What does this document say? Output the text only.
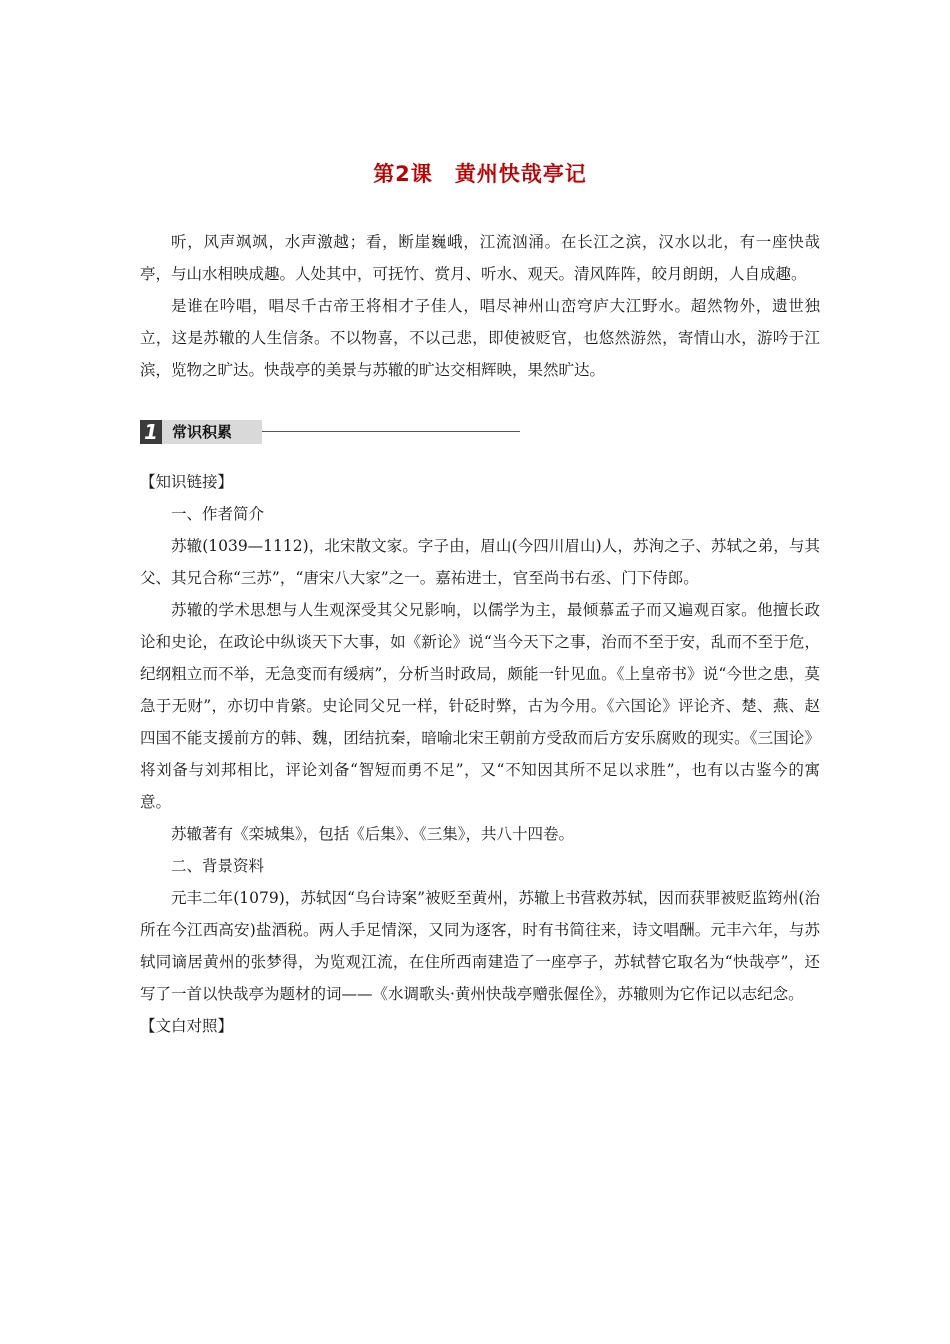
第2课 黄州快哉亭记

听，风声飒飒，水声激越；看，断崖巍峨，江流汹涌。在长江之滨，汉水以北，有一座快哉亭，与山水相映成趣。人处其中，可抚竹、赏月、听水、观天。清风阵阵，皎月朗朗，人自成趣。

是谁在吟唱，唱尽千古帝王将相才子佳人，唱尽神州山峦穹庐大江野水。超然物外，遗世独立，这是苏辙的人生信条。不以物喜，不以己悲，即使被贬官，也悠然游然，寄情山水，游吟于江滨，览物之旷达。快哉亭的美景与苏辙的旷达交相辉映，果然旷达。

1 常识积累

【知识链接】

一、作者简介

苏辙(1039—1112)，北宋散文家。字子由，眉山(今四川眉山)人，苏洵之子、苏轼之弟，与其父、其兄合称“三苏”，“唐宋八大家”之一。嘉祐进士，官至尚书右丞、门下侍郎。

苏辙的学术思想与人生观深受其父兄影响，以儒学为主，最倾慕孟子而又遍观百家。他擅长政论和史论，在政论中纵谈天下大事，如《新论》说“当今天下之事，治而不至于安，乱而不至于危，纪纲粗立而不举，无急变而有缓病”，分析当时政局，颇能一针见血。《上皇帝书》说“今世之患，莫急于无财”，亦切中肯綮。史论同父兄一样，针砭时弊，古为今用。《六国论》评论齐、楚、燕、赵四国不能支援前方的韩、魏，团结抗秦，暗喻北宋王朝前方受敌而后方安乐腐败的现实。《三国论》将刘备与刘邦相比，评论刘备“智短而勇不足”，又“不知因其所不足以求胜”，也有以古鉴今的寓意。

苏辙著有《栾城集》，包括《后集》、《三集》，共八十四卷。

二、背景资料

元丰二年(1079)，苏轼因“乌台诗案”被贬至黄州，苏辙上书营救苏轼，因而获罪被贬监筠州(治所在今江西高安)盐酒税。两人手足情深，又同为逐客，时有书简往来，诗文唱酬。元丰六年，与苏轼同谪居黄州的张梦得，为览观江流，在住所西南建造了一座亭子，苏轼替它取名为“快哉亭”，还写了一首以快哉亭为题材的词——《水调歌头·黄州快哉亭赠张偓佺》，苏辙则为它作记以志纪念。

【文白对照】
